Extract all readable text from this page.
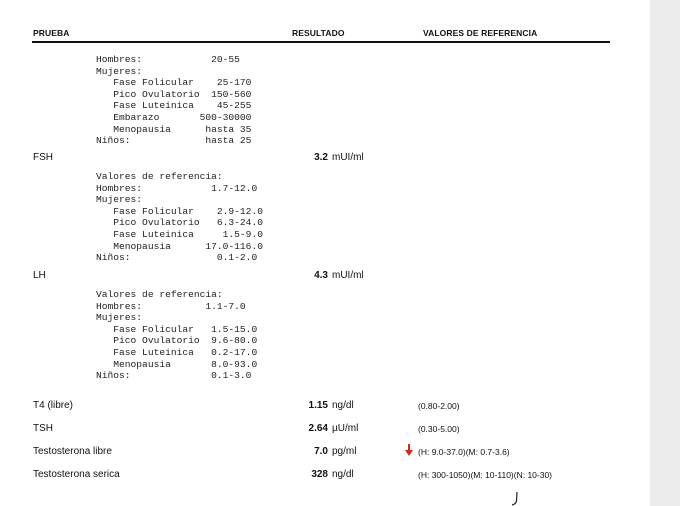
PRUEBA	RESULTADO	VALORES DE REFERENCIA
Hombres:            20-55
Mujeres:
Fase Folicular    25-170
Pico Ovulatorio  150-560
Fase Luteinica    45-255
Embarazo       500-30000
Menopausia      hasta 35
Niños:             hasta 25
FSH	3.2 mUI/ml
Valores de referencia:
Hombres:            1.7-12.0
Mujeres:
Fase Folicular    2.9-12.0
Pico Ovulatorio   6.3-24.0
Fase Luteinica     1.5-9.0
Menopausia      17.0-116.0
Niños:               0.1-2.0
LH	4.3 mUI/ml
Valores de referencia:
Hombres:           1.1-7.0
Mujeres:
Fase Folicular   1.5-15.0
Pico Ovulatorio  9.6-80.0
Fase Luteinica   0.2-17.0
Menopausia       8.0-93.0
Niños:              0.1-3.0
T4 (libre)	1.15 ng/dl	(0.80-2.00)
TSH	2.64 µU/ml	(0.30-5.00)
Testosterona libre	7.0 pg/ml	(H: 9.0-37.0)(M: 0.7-3.6)
Testosterona serica	328 ng/dl	(H: 300-1050)(M: 10-110)(N: 10-30)
